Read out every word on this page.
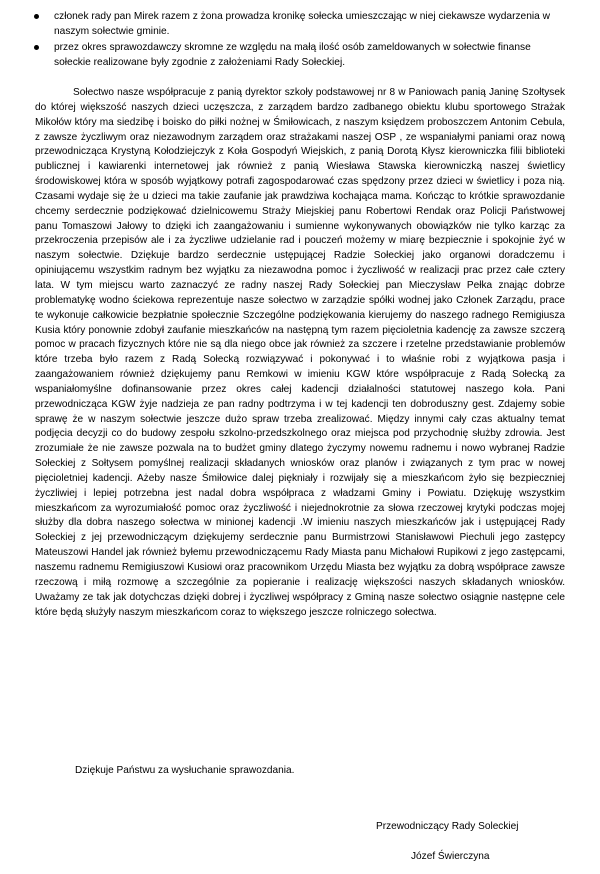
członek rady pan Mirek razem z żona prowadza kronikę sołecka umieszczając w niej ciekawsze wydarzenia w naszym sołectwie gminie.
przez okres sprawozdawczy skromne ze względu na małą ilość osób zameldowanych w sołectwie finanse sołeckie realizowane były zgodnie z założeniami Rady Sołeckiej.

Sołectwo nasze współpracuje z panią dyrektor szkoły podstawowej nr 8 w Paniowach panią Janinę Szołtysek do której większość naszych dzieci uczęszcza, z zarządem bardzo zadbanego obiektu klubu sportowego Strażak Mikołów który ma siedzibę i boisko do piłki nożnej w Śmiłowicach, z naszym księdzem proboszczem Antonim Cebula, z zawsze życzliwym oraz niezawodnym zarządem oraz strażakami naszej OSP , ze wspaniałymi paniami oraz nową przewodnicząca Krystyną Kołodziejczyk z Koła Gospodyń Wiejskich, z panią Dorotą Kłysz kierowniczka filii biblioteki publicznej i kawiarenki internetowej jak również z panią Wiesława Stawska kierowniczką naszej świetlicy środowiskowej która w sposób wyjątkowy potrafi zagospodarować czas spędzony przez dzieci w świetlicy i poza nią. Czasami wydaje się że u dzieci ma takie zaufanie jak prawdziwa kochająca mama. Kończąc to krótkie sprawozdanie chcemy serdecznie podziękować dzielnicowemu Straży Miejskiej panu Robertowi Rendak oraz Policji Państwowej panu Tomaszowi Jałowy to dzięki ich zaangażowaniu i sumienne wykonywanych obowiązków nie tylko karząc za przekroczenia przepisów ale i za życzliwe udzielanie rad i pouczeń możemy w miarę bezpiecznie i spokojnie żyć w naszym sołectwie. Dziękuje bardzo serdecznie ustępującej Radzie Sołeckiej jako organowi doradczemu i opiniującemu wszystkim radnym bez wyjątku za niezawodna pomoc i życzliwość w realizacji prac przez całe cztery lata. W tym miejscu warto zaznaczyć ze radny naszej Rady Sołeckiej pan Mieczysław Pełka znając dobrze problematykę wodno ściekowa reprezentuje nasze sołectwo w zarządzie spółki wodnej jako Członek Zarządu, prace te wykonuje całkowicie bezpłatnie społecznie Szczególne podziękowania kierujemy do naszego radnego Remigiusza Kusia który ponownie zdobył zaufanie mieszkańców na następną tym razem pięcioletnia kadencję za zawsze szczerą pomoc w pracach fizycznych które nie są dla niego obce jak również za szczere i rzetelne przedstawianie problemów które trzeba było razem z Radą Sołecką rozwiązywać i pokonywać i to właśnie robi z wyjątkowa pasja i zaangażowaniem również dziękujemy panu Remkowi w imieniu KGW które współpracuje z Radą Sołecką za wspaniałomyślne dofinansowanie przez okres całej kadencji działalności statutowej naszego koła. Pani przewodnicząca KGW żyje nadzieja ze pan radny podtrzyma i w tej kadencji ten dobroduszny gest. Zdajemy sobie sprawę że w naszym sołectwie jeszcze dużo spraw trzeba zrealizować. Między innymi cały czas aktualny temat podjęcia decyzji co do budowy zespołu szkolno-przedszkolnego oraz miejsca pod przychodnię służby zdrowia. Jest zrozumiałe że nie zawsze pozwala na to budżet gminy dlatego życzymy nowemu radnemu i nowo wybranej Radzie Sołeckiej z Sołtysem pomyślnej realizacji składanych wniosków oraz planów i związanych z tym prac w nowej pięcioletniej kadencji. Ażeby nasze Śmiłowice dalej piękniały i rozwijały się a mieszkańcom żyło się bezpieczniej życzliwiej i lepiej potrzebna jest nadal dobra współpraca z władzami Gminy i Powiatu. Dziękuję wszystkim mieszkańcom za wyrozumiałość pomoc oraz życzliwość i niejednokrotnie za słowa rzeczowej krytyki podczas mojej służby dla dobra naszego sołectwa w minionej kadencji .W imieniu naszych mieszkańców jak i ustępującej Rady Sołeckiej z jej przewodniczącym dziękujemy serdecznie panu Burmistrzowi Stanisławowi Piechuli jego zastępcy Mateuszowi Handel jak również byłemu przewodniczącemu Rady Miasta panu Michałowi Rupikowi z jego zastępcami, naszemu radnemu Remigiuszowi Kusiowi oraz pracownikom Urzędu Miasta bez wyjątku za dobrą współprace zawsze rzeczową i miłą rozmowę a szczególnie za popieranie i realizację większości naszych składanych wniosków. Uważamy ze tak jak dotychczas dzięki dobrej i życzliwej współpracy z Gminą nasze sołectwo osiągnie następne cele które będą służyły naszym mieszkańcom coraz to większego jeszcze rolniczego sołectwa.

Dziękuje Państwu za wysłuchanie sprawozdania.

Przewodniczący Rady Soleckiej

Józef Świerczyna
